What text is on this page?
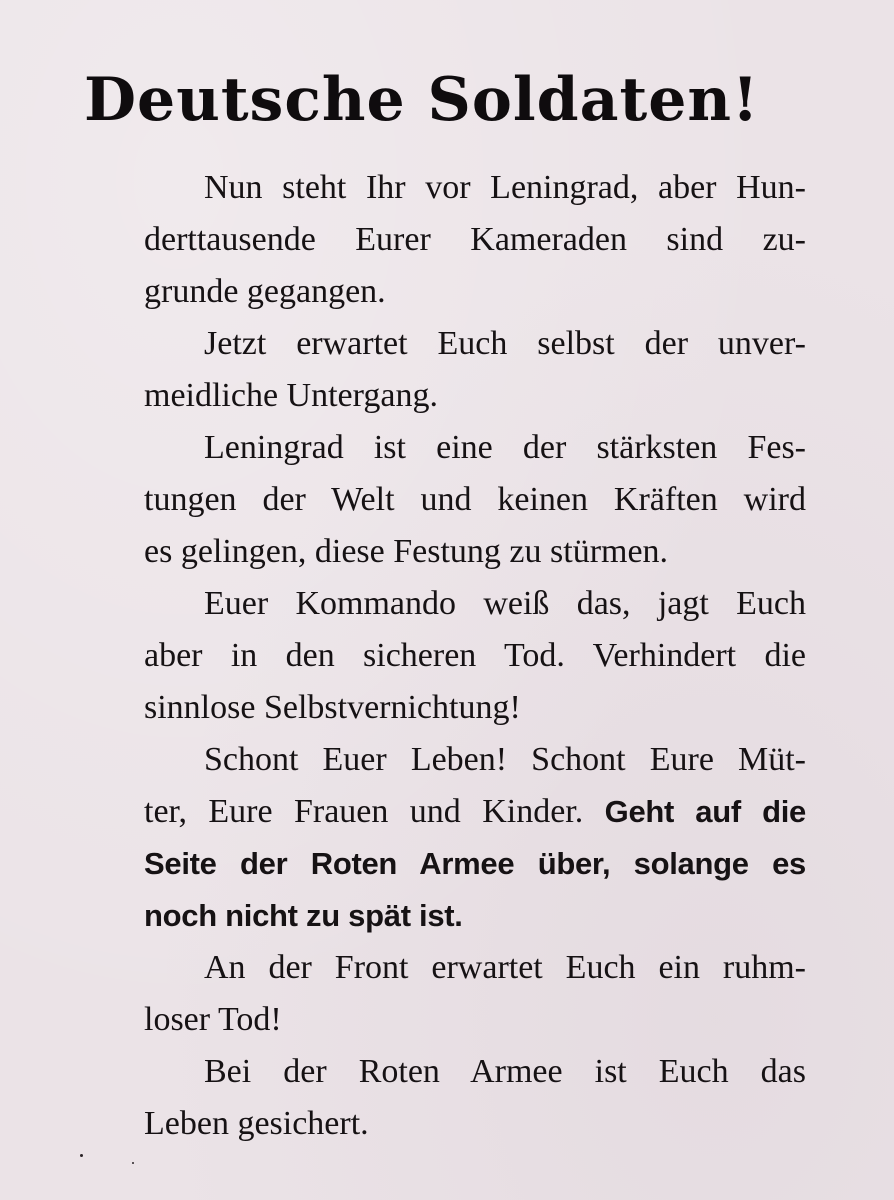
Deutsche Soldaten!
Nun steht Ihr vor Leningrad, aber Hun-
derttausende Eurer Kameraden sind zu-
grunde gegangen.
Jetzt erwartet Euch selbst der unver-
meidliche Untergang.
Leningrad ist eine der stärksten Fes-
tungen der Welt und keinen Kräften wird
es gelingen, diese Festung zu stürmen.
Euer Kommando weiß das, jagt Euch
aber in den sicheren Tod. Verhindert die
sinnlose Selbstvernichtung!
Schont Euer Leben! Schont Eure Müt-
ter, Eure Frauen und Kinder. Geht auf die
Seite der Roten Armee über, solange es
noch nicht zu spät ist.
An der Front erwartet Euch ein ruhm-
loser Tod!
Bei der Roten Armee ist Euch das
Leben gesichert.
